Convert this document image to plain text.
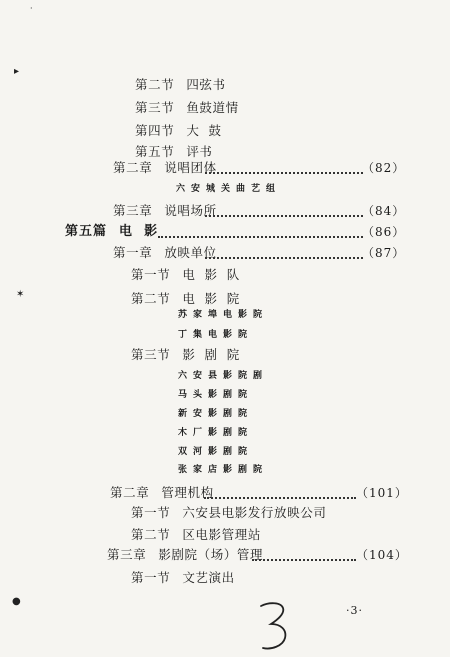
第二节 四弦书
第三节 鱼鼓道情
第四节 大  鼓
第五节 评书
第二章 说唱团体	（82）
六安城关曲艺组
第三章 说唱场所	（84）
第五篇 电  影	（86）
第一章 放映单位	（87）
第一节 电  影  队
第二节 电  影  院
苏家埠电影院
丁集电影院
第三节 影  剧  院
六安县影院剧
马头影剧院
新安影剧院
木厂影剧院
双河影剧院
张家店影剧院
第二章 管理机构	（101）
第一节 六安县电影发行放映公司
第二节 区电影管理站
第三章 影剧院（场）管理	（104）
第一节 文艺演出
·3·
▸
✶
●
·
